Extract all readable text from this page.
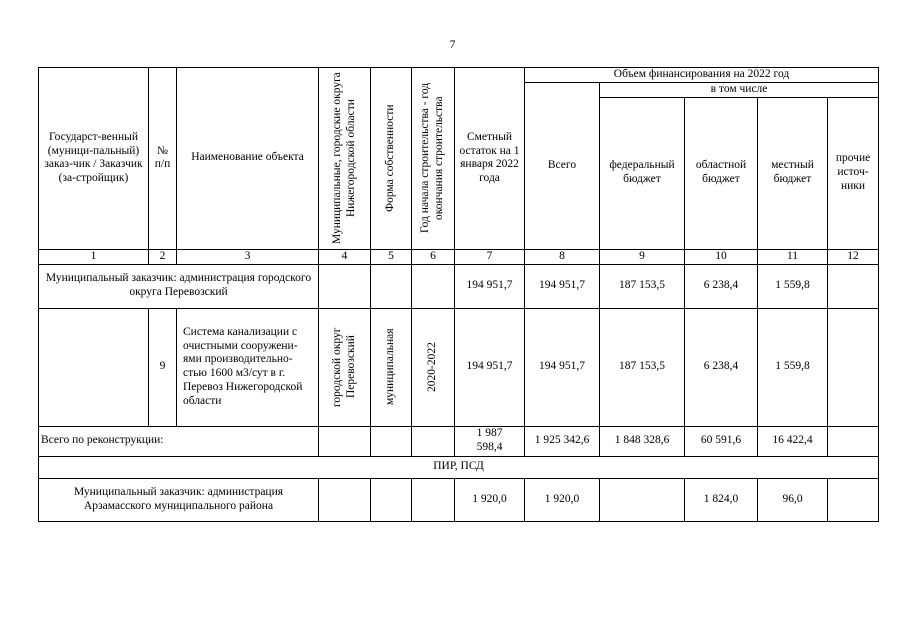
7
Государст-венный (муници-пальный) заказ-чик / Заказчик (за-стройщик)	№ п/п	Наименование объекта	Муниципальные, городские округа Нижегородской области	Форма собственности	Год начала строительства - год окончания строительства	Сметный остаток на 1 января 2022 года	Объем финансирования на 2022 год				
							Всего	в том числе			
								федеральный бюджет	областной бюджет	местный бюджет	прочие источ-ники
1	2	3	4	5	6	7	8	9	10	11	12
Муниципальный заказчик: администрация городского округа Перевозский						194 951,7	194 951,7	187 153,5	6 238,4	1 559,8	
	9	Система канализации с очистными сооружени-ями производительно-стью 1600 м3/сут в г. Перевоз Нижегородской области	городской округ Перевозский	муниципальная	2020-2022	194 951,7	194 951,7	187 153,5	6 238,4	1 559,8	
Всего по реконструкции:						1 987 598,4	1 925 342,6	1 848 328,6	60 591,6	16 422,4	
ПИР, ПСД											
Муниципальный заказчик: администрация Арзамасского муниципального района						1 920,0	1 920,0		1 824,0	96,0	
